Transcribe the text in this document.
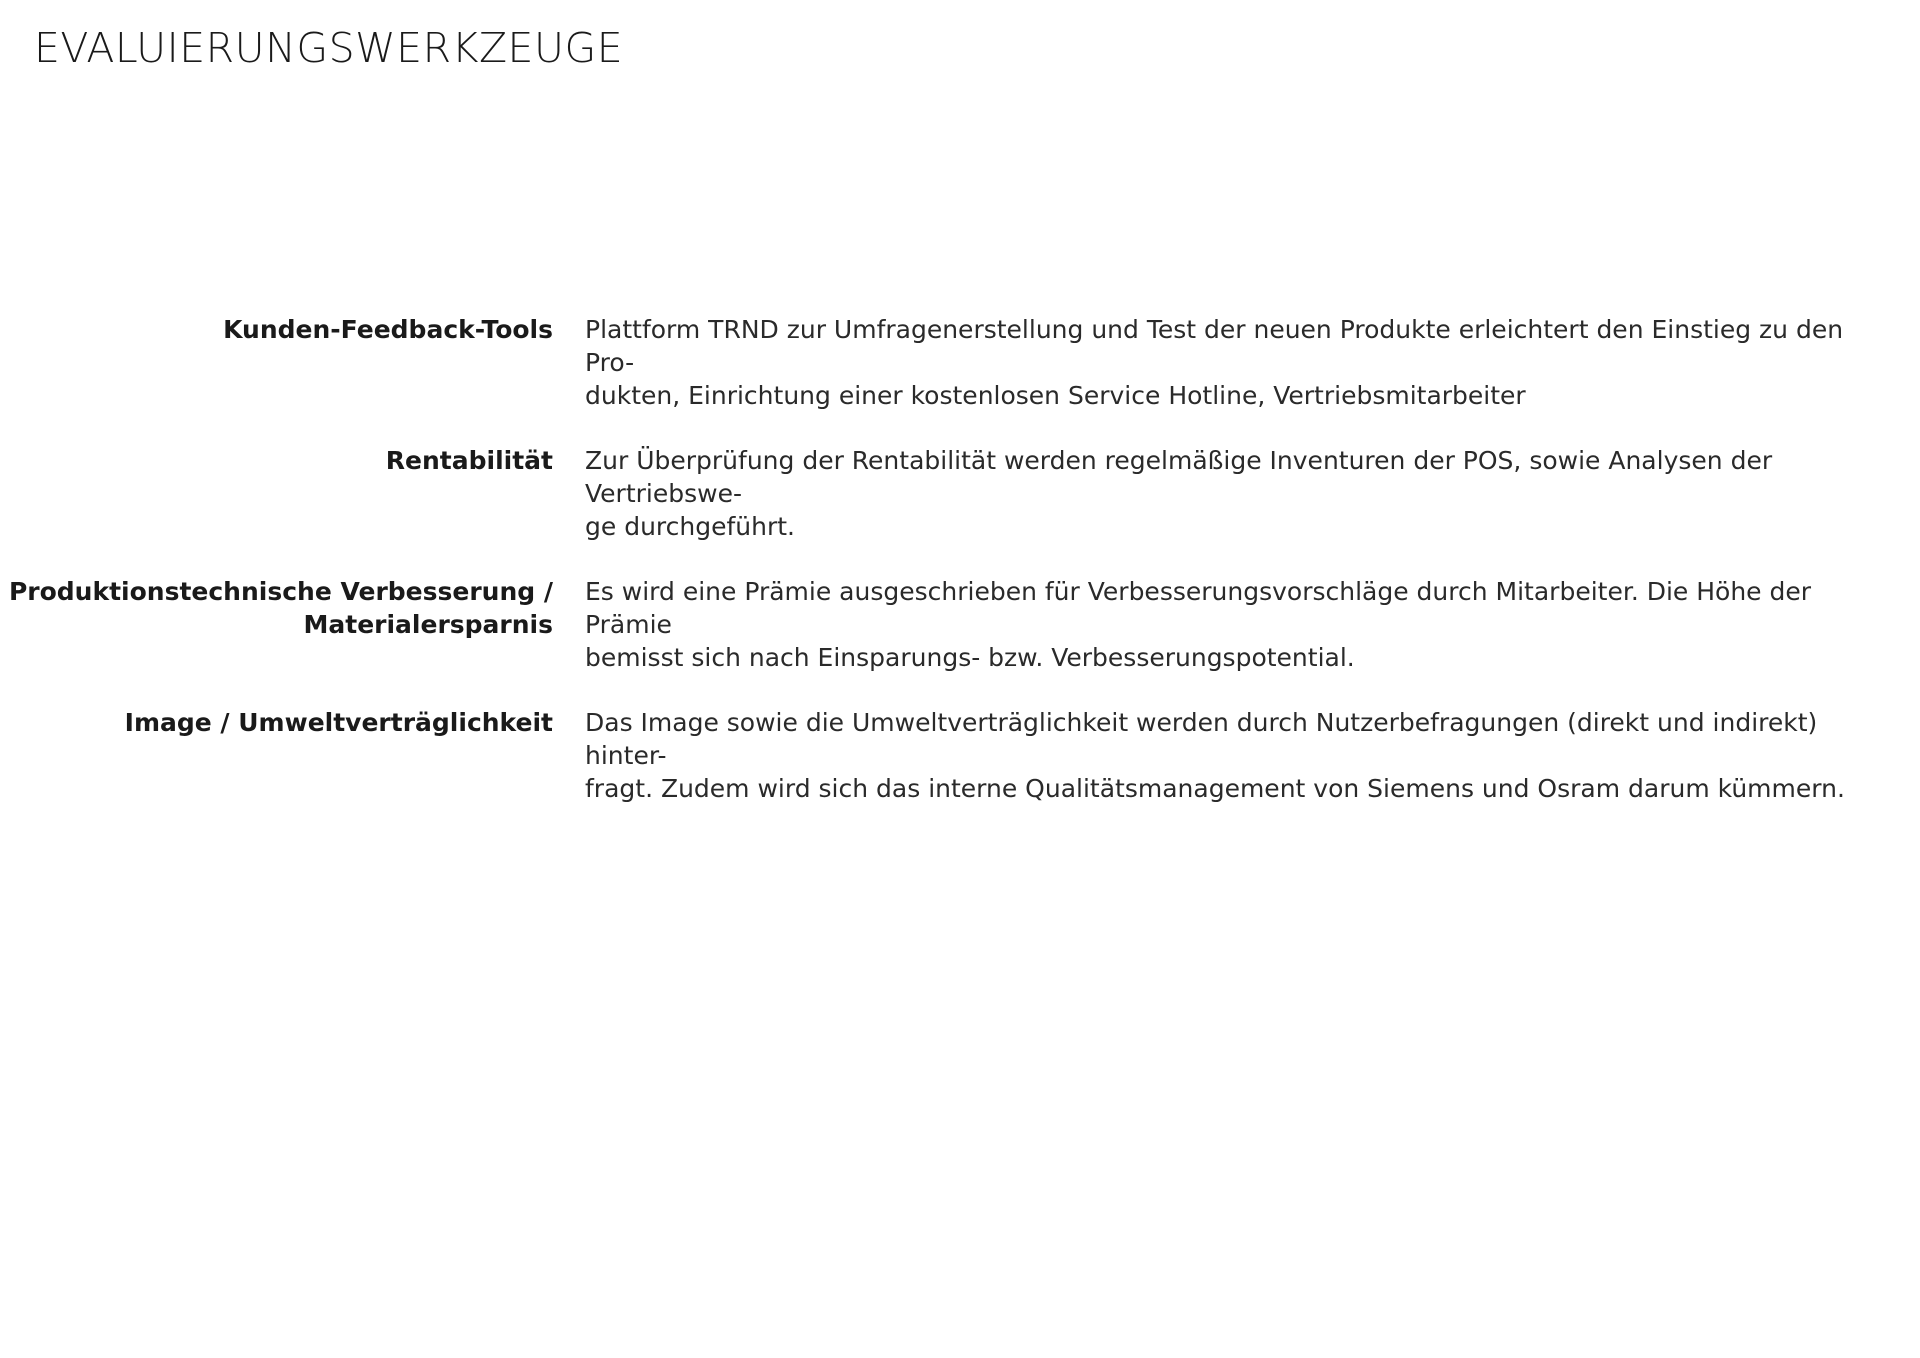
EVALUIERUNGSWERKZEUGE
Kunden-Feedback-Tools Plattform TRND zur Umfragenerstellung und Test der neuen Produkte erleichtert den Einstieg zu den Pro-
dukten, Einrichtung einer kostenlosen Service Hotline, Vertriebsmitarbeiter
Rentabilität Zur Überprüfung der Rentabilität werden regelmäßige Inventuren der POS, sowie Analysen der Vertriebswe-
ge durchgeführt.
Produktionstechnische Verbesserung /
Materialersparnis
Es wird eine Prämie ausgeschrieben für Verbesserungsvorschläge durch Mitarbeiter. Die Höhe der Prämie
bemisst sich nach Einsparungs- bzw. Verbesserungspotential.
Image / Umweltverträglichkeit Das Image sowie die Umweltverträglichkeit werden durch Nutzerbefragungen (direkt und indirekt) hinter-
fragt. Zudem wird sich das interne Qualitätsmanagement von Siemens und Osram darum kümmern.
